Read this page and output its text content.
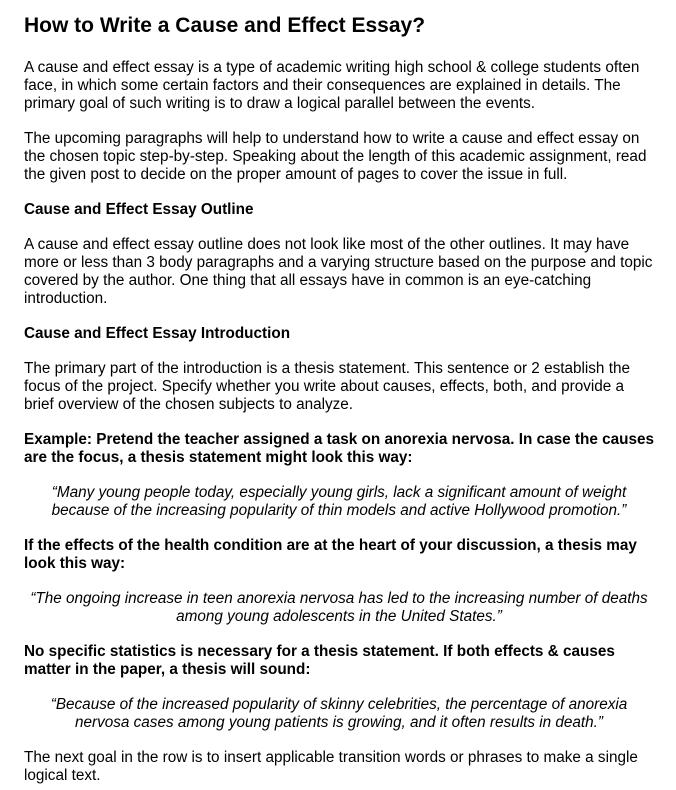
How to Write a Cause and Effect Essay?

A cause and effect essay is a type of academic writing high school & college students often face, in which some certain factors and their consequences are explained in details. The primary goal of such writing is to draw a logical parallel between the events.

The upcoming paragraphs will help to understand how to write a cause and effect essay on the chosen topic step-by-step. Speaking about the length of this academic assignment, read the given post to decide on the proper amount of pages to cover the issue in full.

Cause and Effect Essay Outline

A cause and effect essay outline does not look like most of the other outlines. It may have more or less than 3 body paragraphs and a varying structure based on the purpose and topic covered by the author. One thing that all essays have in common is an eye-catching introduction.

Cause and Effect Essay Introduction

The primary part of the introduction is a thesis statement. This sentence or 2 establish the focus of the project. Specify whether you write about causes, effects, both, and provide a brief overview of the chosen subjects to analyze.

Example: Pretend the teacher assigned a task on anorexia nervosa. In case the causes are the focus, a thesis statement might look this way:

“Many young people today, especially young girls, lack a significant amount of weight because of the increasing popularity of thin models and active Hollywood promotion.”

If the effects of the health condition are at the heart of your discussion, a thesis may look this way:

“The ongoing increase in teen anorexia nervosa has led to the increasing number of deaths among young adolescents in the United States.”

No specific statistics is necessary for a thesis statement. If both effects & causes matter in the paper, a thesis will sound:

“Because of the increased popularity of skinny celebrities, the percentage of anorexia nervosa cases among young patients is growing, and it often results in death.”

The next goal in the row is to insert applicable transition words or phrases to make a single logical text.
